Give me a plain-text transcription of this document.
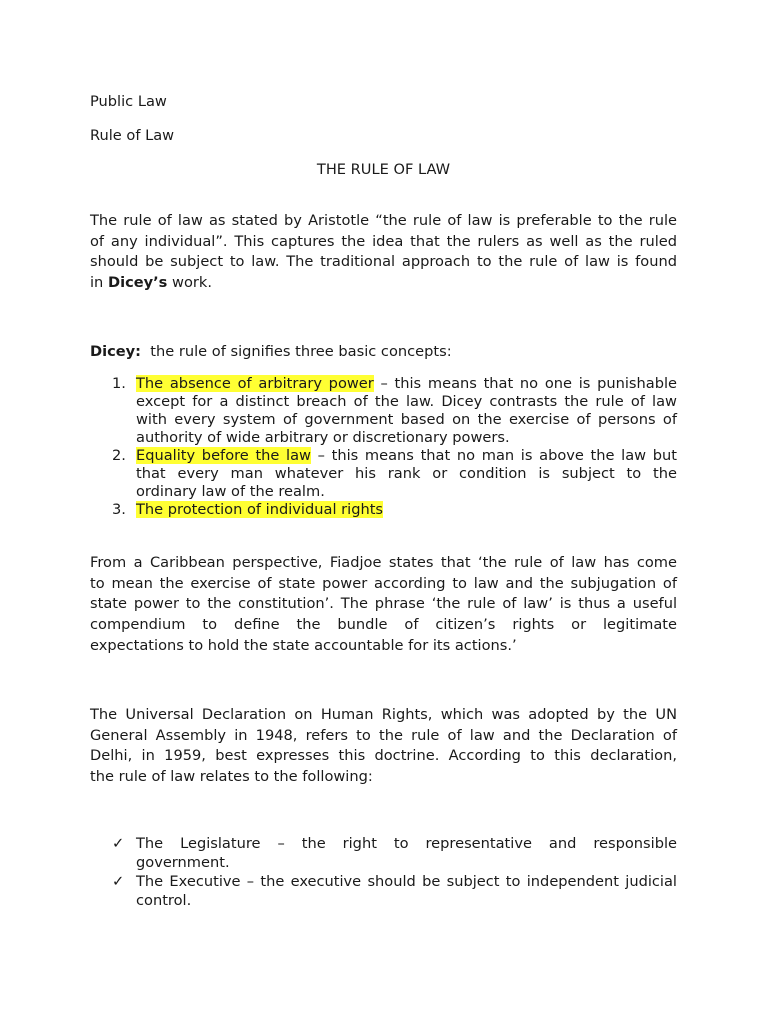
Public Law
Rule of Law
THE RULE OF LAW
The rule of law as stated by Aristotle “the rule of law is preferable to the rule
of any individual”. This captures the idea that the rulers as well as the ruled
should be subject to law. The traditional approach to the rule of law is found
in Dicey’s work.
Dicey:  the rule of signifies three basic concepts:
1. The absence of arbitrary power – this means that no one is punishable
except for a distinct breach of the law. Dicey contrasts the rule of law
with every system of government based on the exercise of persons of
authority of wide arbitrary or discretionary powers.
2. Equality before the law – this means that no man is above the law but
that every man whatever his rank or condition is subject to the
ordinary law of the realm.
3. The protection of individual rights
From a Caribbean perspective, Fiadjoe states that ‘the rule of law has come
to mean the exercise of state power according to law and the subjugation of
state power to the constitution’. The phrase ‘the rule of law’ is thus a useful
compendium to define the bundle of citizen’s rights or legitimate
expectations to hold the state accountable for its actions.’
The Universal Declaration on Human Rights, which was adopted by the UN
General Assembly in 1948, refers to the rule of law and the Declaration of
Delhi, in 1959, best expresses this doctrine. According to this declaration,
the rule of law relates to the following:
✓ The Legislature – the right to representative and responsible
government.
✓ The Executive – the executive should be subject to independent judicial
control.
